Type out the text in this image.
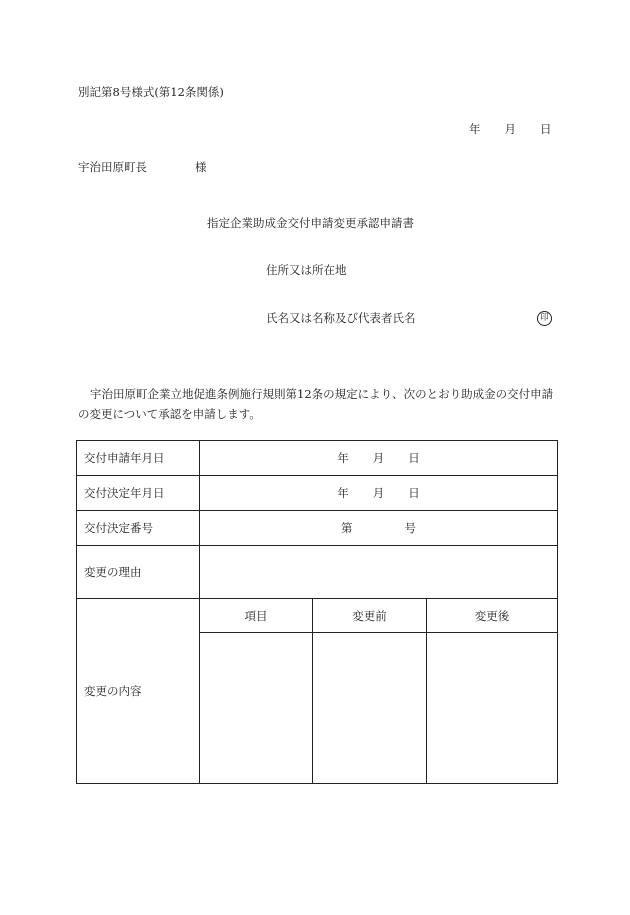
別記第8号様式(第12条関係)
年 月 日
宇治田原町長	様
指定企業助成金交付申請変更承認申請書
住所又は所在地
氏名又は名称及び代表者氏名	印
宇治田原町企業立地促進条例施行規則第12条の規定により、次のとおり助成金の交付申請の変更について承認を申請します。
交付申請年月日	年 月 日		
交付決定年月日	年 月 日		
交付決定番号	第 号		
変更の理由			
変更の内容	項目	変更前	変更後
